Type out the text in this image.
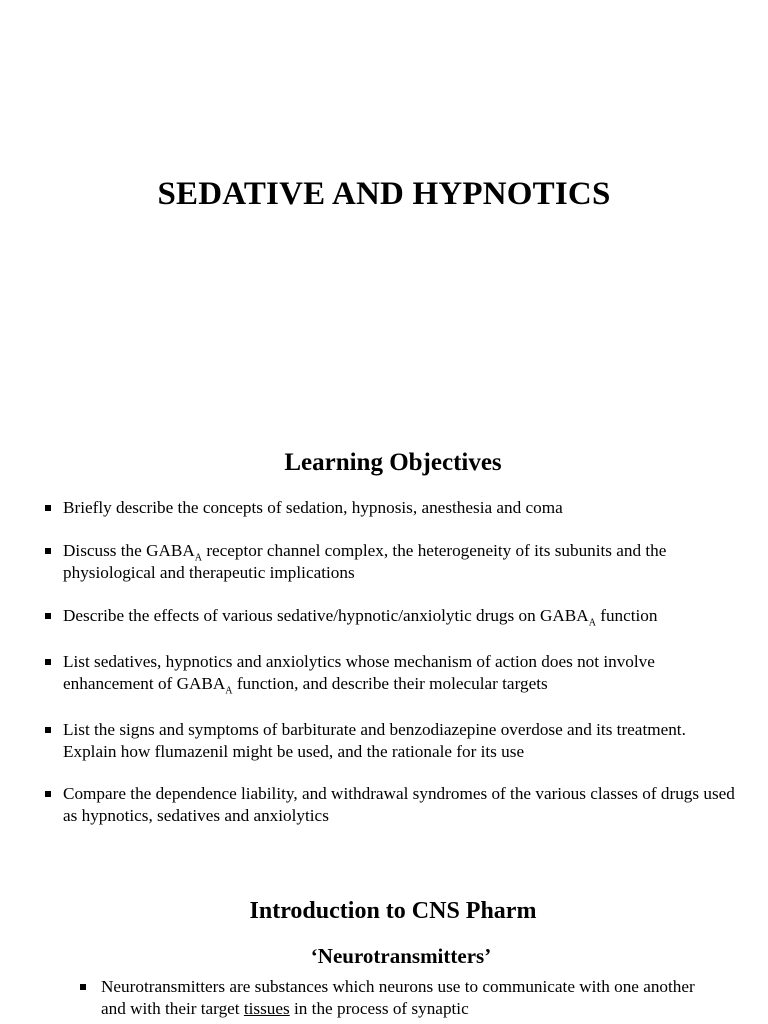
SEDATIVE AND HYPNOTICS
Learning Objectives
Briefly describe the concepts of sedation, hypnosis, anesthesia and coma
Discuss the $GABA_A$ receptor channel complex, the heterogeneity of its subunits and the physiological and therapeutic implications
Describe the effects of various sedative/hypnotic/anxiolytic drugs on $GABA_A$ function
List sedatives, hypnotics and anxiolytics whose mechanism of action does not involve enhancement of $GABA_A$ function, and describe their molecular targets
List the signs and symptoms of barbiturate and benzodiazepine overdose and its treatment. Explain how flumazenil might be used, and the rationale for its use
Compare the dependence liability, and withdrawal syndromes of the various classes of drugs used as hypnotics, sedatives and anxiolytics
Introduction to CNS Pharm
‘Neurotransmitters’
Neurotransmitters are substances which neurons use to communicate with one another and with their target tissues in the process of synaptic
